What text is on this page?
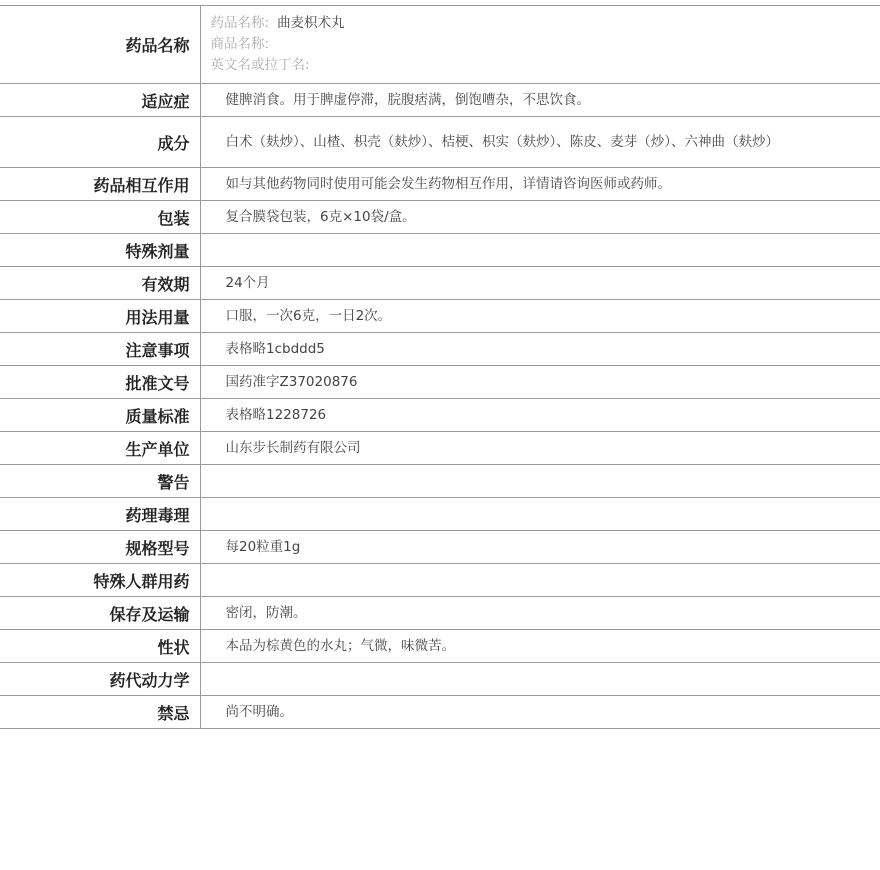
药品名称	药品名称: 曲麦枳术丸
商品名称:
英文名或拉丁名:

适应症	健脾消食。用于脾虚停滞，脘腹痞满，倒饱嘈杂，不思饮食。
成分	白术（麸炒）、山楂、枳壳（麸炒）、桔梗、枳实（麸炒）、陈皮、麦芽（炒）、六神曲（麸炒）
药品相互作用	如与其他药物同时使用可能会发生药物相互作用，详情请咨询医师或药师。
包装	复合膜袋包装，6克×10袋/盒。
特殊剂量	
有效期	24个月
用法用量	口服，一次6克，一日2次。
注意事项	表格略1cbddd5
批准文号	国药准字Z37020876
质量标准	表格略1228726
生产单位	山东步长制药有限公司
警告	
药理毒理	
规格型号	每20粒重1g
特殊人群用药	
保存及运输	密闭，防潮。
性状	本品为棕黄色的水丸；气微，味微苦。
药代动力学	
禁忌	尚不明确。
